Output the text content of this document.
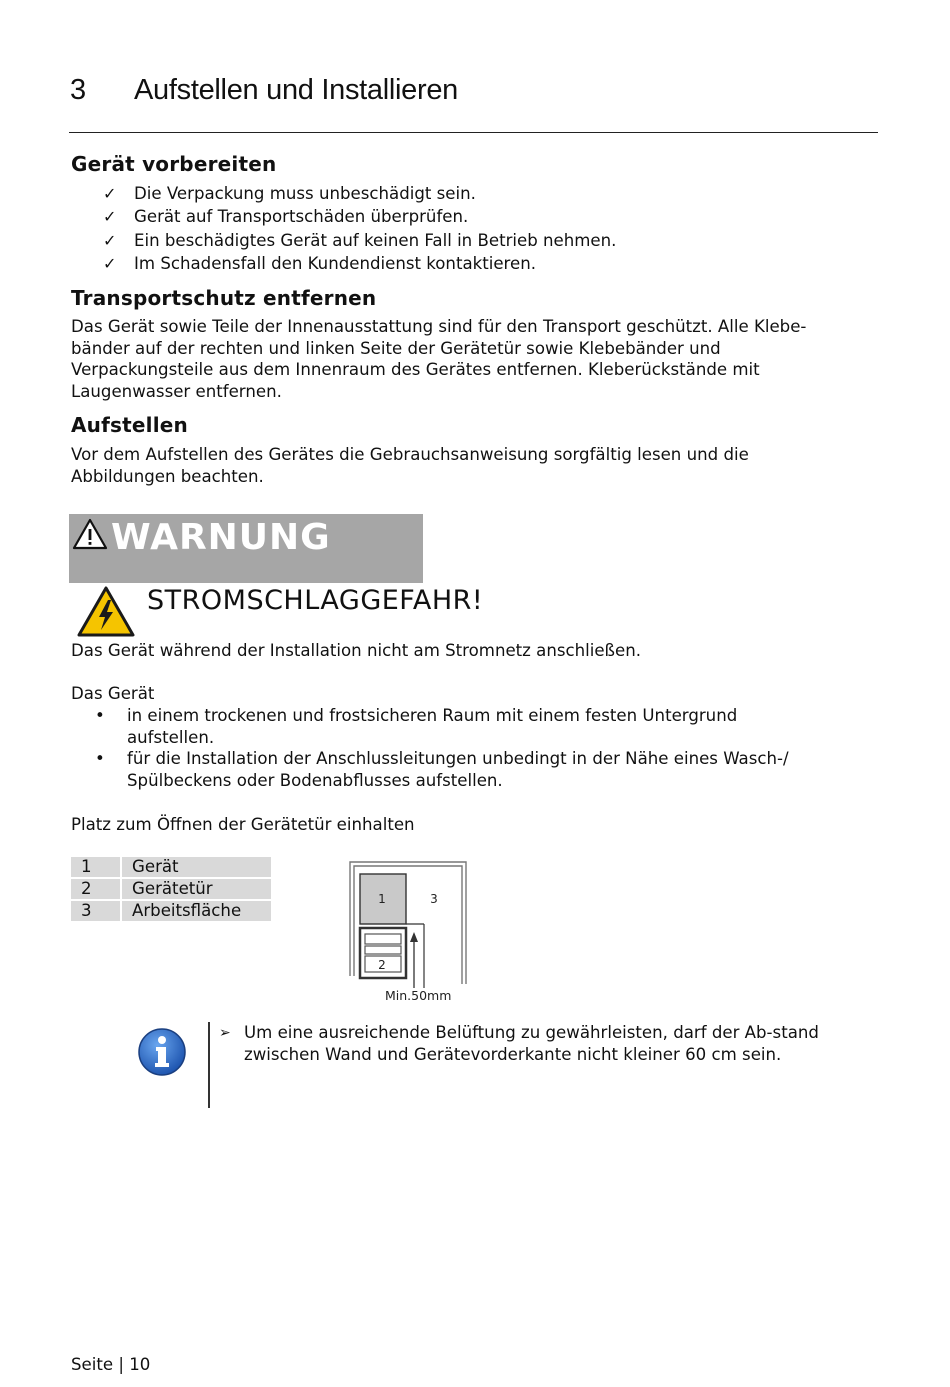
3 Aufstellen und Installieren
Gerät vorbereiten
✓ Die Verpackung muss unbeschädigt sein.
✓ Gerät auf Transportschäden überprüfen.
✓ Ein beschädigtes Gerät auf keinen Fall in Betrieb nehmen.
✓ Im Schadensfall den Kundendienst kontaktieren.
Transportschutz entfernen

Das Gerät sowie Teile der Innenausstattung sind für den Transport geschützt. Alle Klebe-

bänder auf der rechten und linken Seite der Gerätetür sowie Klebebänder und

Verpackungsteile aus dem Innenraum des Gerätes entfernen. Kleberückstände mit

Laugenwasser entfernen.

Aufstellen

Vor dem Aufstellen des Gerätes die Gebrauchsanweisung sorgfältig lesen und die

Abbildungen beachten.

WARNUNG
STROMSCHLAGGEFAHR!

Das Gerät während der Installation nicht am Stromnetz anschließen.

Das Gerät

• in einem trockenen und frostsicheren Raum mit einem festen Untergrund
aufstellen.
• für die Installation der Anschlussleitungen unbedingt in der Nähe eines Wasch-/
Spülbeckens oder Bodenabflusses aufstellen.

Platz zum Öffnen der Gerätetür einhalten

1	Gerät
2	Gerätetür
3	Arbeitsfläche
1	3
2
Min.50mm
➢ Um eine ausreichende Belüftung zu gewährleisten, darf der Ab-stand
zwischen Wand und Gerätevorderkante nicht kleiner 60 cm sein.
Seite | 10
